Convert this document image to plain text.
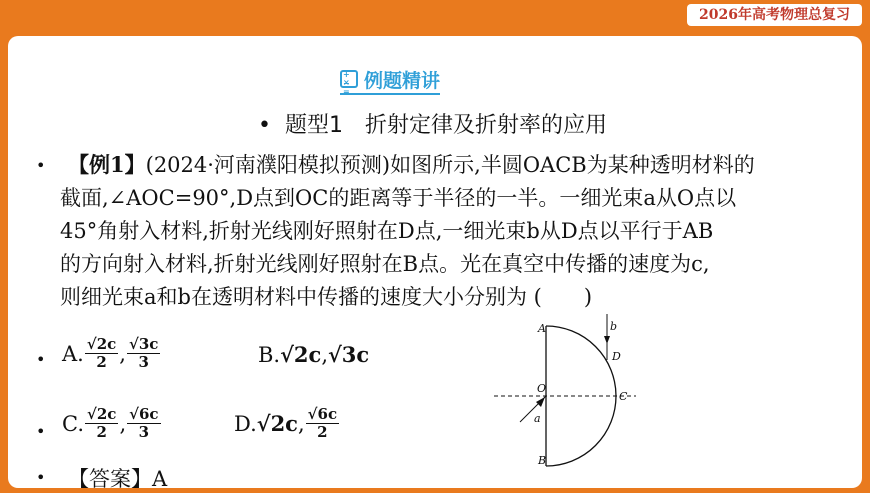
2026年高考物理总复习
+ − × =
例题精讲
• 题型1　折射定律及折射率的应用
• 【例1】(2024·河南濮阳模拟预测)如图所示,半圆OACB为某种透明材料的
截面,∠AOC=90°,D点到OC的距离等于半径的一半。一细光束a从O点以
45°角射入材料,折射光线刚好照射在D点,一细光束b从D点以平行于AB
的方向射入材料,折射光线刚好照射在B点。光在真空中传播的速度为c,
则细光束a和b在透明材料中传播的速度大小分别为 (　　)
• A. $\frac{√2c}{2}$ , $\frac{√3c}{3}$	B. √2c , √3c
• C. $\frac{√2c}{2}$ , $\frac{√6c}{3}$	D. √2c , $\frac{√6c}{2}$
• 【答案】A
A
B
C
D
O
a
b
